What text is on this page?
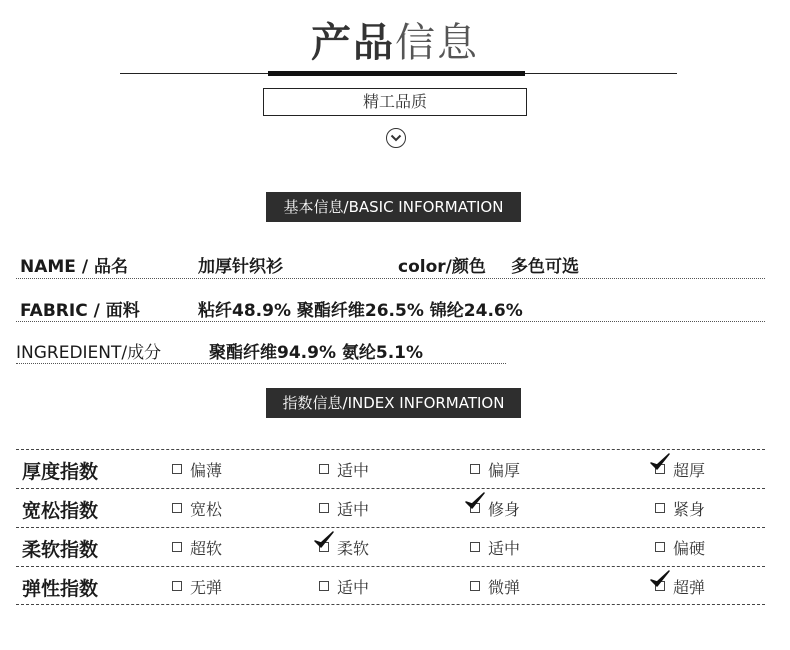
产品信息
精工品质
基本信息/BASIC INFORMATION
NAME / 品名	加厚针织衫	color/颜色 多色可选
FABRIC / 面料	粘纤48.9% 聚酯纤维26.5% 锦纶24.6%
INGREDIENT/成分	聚酯纤维94.9% 氨纶5.1%
指数信息/INDEX INFORMATION
厚度指数	偏薄	适中	偏厚	超厚
宽松指数	宽松	适中	修身	紧身
柔软指数	超软	柔软	适中	偏硬
弹性指数	无弹	适中	微弹	超弹
